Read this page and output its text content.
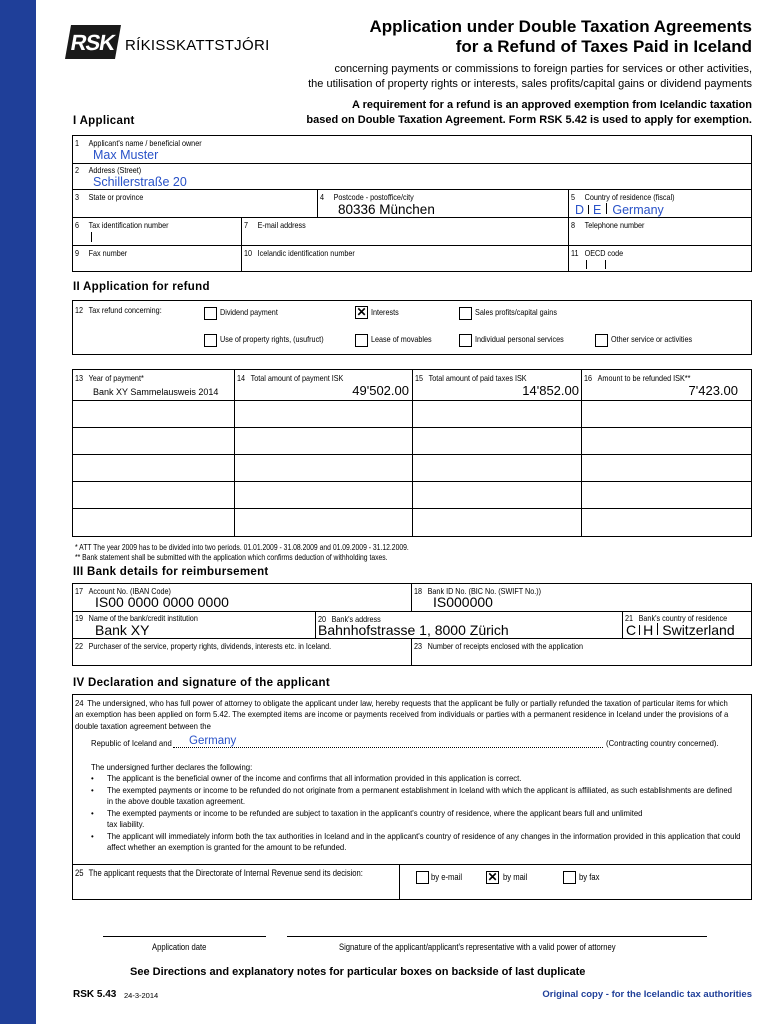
RSK RÍKISSKATTSTJÓRI
Application under Double Taxation Agreements
for a Refund of Taxes Paid in Iceland
concerning payments or commissions to foreign parties for services or other activities,
the utilisation of property rights or interests, sales profits/capital gains or dividend payments
A requirement for a refund is an approved exemption from Icelandic taxation
based on Double Taxation Agreement. Form RSK 5.42 is used to apply for exemption.
I Applicant
1 Applicant's name / beneficial owner
Max Muster
2 Address (Street)
Schillerstraße 20
3 State or province	4 Postcode - postoffice/city
80336 München
5 Country of residence (fiscal)
D E Germany
6 Tax identification number	7 E-mail address	8 Telephone number
9 Fax number	10 Icelandic identification number	11 OECD code
II Application for refund
12 Tax refund concerning:	Dividend payment	✕ Interests	Sales profits/capital gains
Use of property rights, (usufruct)	Lease of movables	Individual personal services	Other service or activities
13 Year of payment*	14 Total amount of payment ISK	15 Total amount of paid taxes ISK	16 Amount to be refunded ISK**
Bank XY Sammelausweis 2014	49'502.00	14'852.00	7'423.00
* ATT The year 2009 has to be divided into two periods. 01.01.2009 - 31.08.2009 and 01.09.2009 - 31.12.2009.
** Bank statement shall be submitted with the application which confirms deduction of withholding taxes.
III Bank details for reimbursement
17 Account No. (IBAN Code)
IS00 0000 0000 0000
18 Bank ID No. (BIC No. (SWIFT No.))
IS000000
19 Name of the bank/credit institution
Bank XY
20 Bank's address
Bahnhofstrasse 1, 8000 Zürich
21 Bank's country of residence
C H Switzerland
22 Purchaser of the service, property rights, dividends, interests etc. in Iceland.	23 Number of receipts enclosed with the application
IV Declaration and signature of the applicant
24 The undersigned, who has full power of attorney to obligate the applicant under law, hereby requests that the applicant be fully or partially refunded the taxation of particular items for which an exemption has been applied on form 5.42. The exempted items are income or payments received from individuals or parties with a permanent residence in Iceland under the provisions of a double taxation agreement between the
Republic of Iceland and Germany	(Contracting country concerned).
The undersigned further declares the following:
• The applicant is the beneficial owner of the income and confirms that all information provided in this application is correct.
• The exempted payments or income to be refunded do not originate from a permanent establishment in Iceland with which the applicant is affiliated, as such establishments are defined in the above double taxation agreement.
• The exempted payments or income to be refunded are subject to taxation in the applicant's country of residence, where the applicant bears full and unlimited tax liability.
• The applicant will immediately inform both the tax authorities in Iceland and in the applicant's country of residence of any changes in the information provided in this application that could affect whether an exemption is granted for the amount to be refunded.
25 The applicant requests that the Directorate of Internal Revenue send its decision:	by e-mail ✕ by mail	by fax
Application date	Signature of the applicant/applicant's representative with a valid power of attorney
See Directions and explanatory notes for particular boxes on backside of last duplicate
RSK 5.43 24-3-2014	Original copy - for the Icelandic tax authorities
